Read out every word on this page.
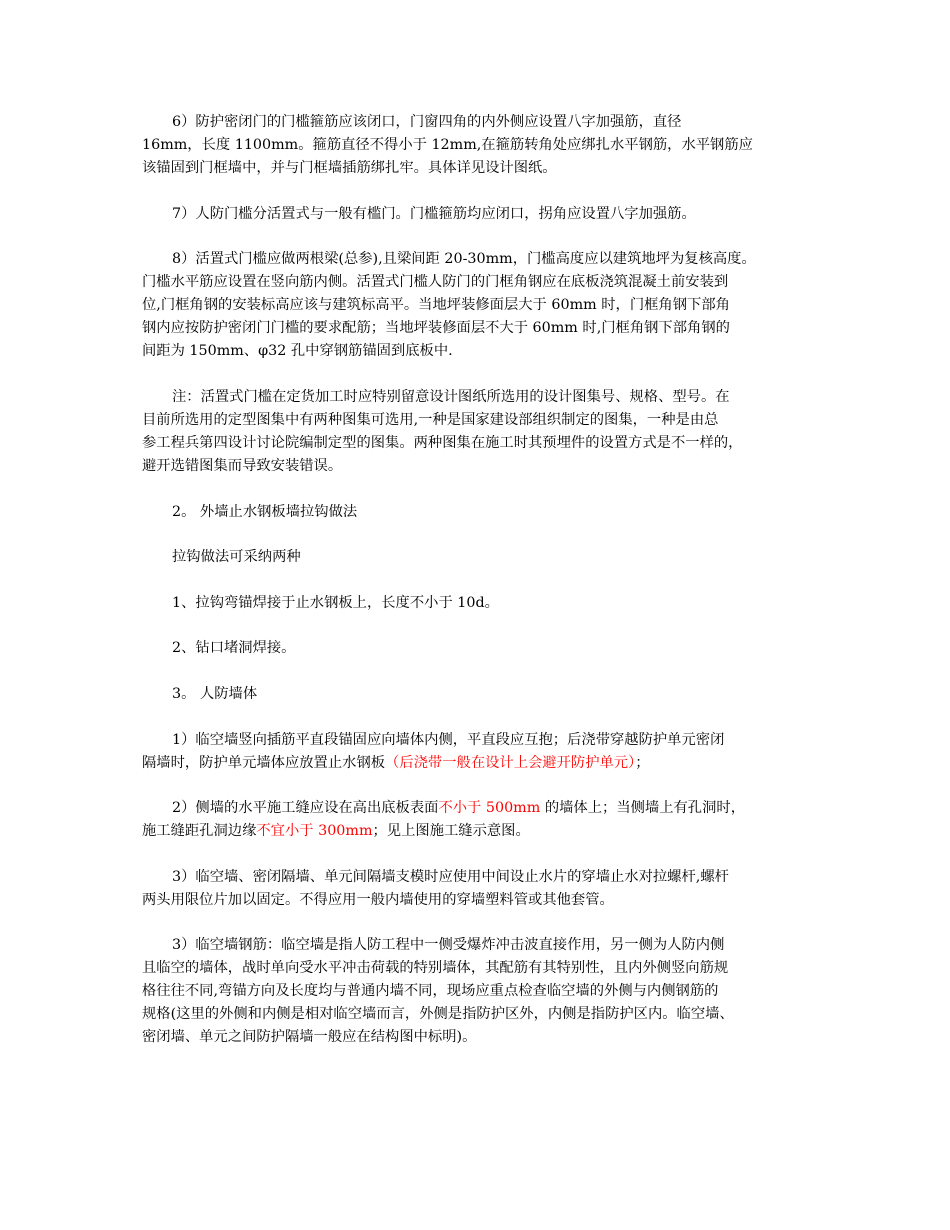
6）防护密闭门的门槛箍筋应该闭口，门窗四角的内外侧应设置八字加强筋，直径
16mm，长度 1100mm。箍筋直径不得小于 12mm,在箍筋转角处应绑扎水平钢筋，水平钢筋应
该锚固到门框墙中，并与门框墙插筋绑扎牢。具体详见设计图纸。
7）人防门槛分活置式与一般有槛门。门槛箍筋均应闭口，拐角应设置八字加强筋。
8）活置式门槛应做两根梁(总参),且梁间距 20-30mm，门槛高度应以建筑地坪为复核高度。
门槛水平筋应设置在竖向筋内侧。活置式门槛人防门的门框角钢应在底板浇筑混凝土前安装到
位,门框角钢的安装标高应该与建筑标高平。当地坪装修面层大于 60mm 时，门框角钢下部角
钢内应按防护密闭门门槛的要求配筋；当地坪装修面层不大于 60mm 时,门框角钢下部角钢的
间距为 150mm、φ32 孔中穿钢筋锚固到底板中.
注：活置式门槛在定货加工时应特别留意设计图纸所选用的设计图集号、规格、型号。在
目前所选用的定型图集中有两种图集可选用,一种是国家建设部组织制定的图集，一种是由总
参工程兵第四设计讨论院编制定型的图集。两种图集在施工时其预埋件的设置方式是不一样的，
避开选错图集而导致安装错误。
2。 外墙止水钢板墙拉钩做法
拉钩做法可采纳两种
1、拉钩弯锚焊接于止水钢板上，长度不小于 10d。
2、钻口堵洞焊接。
3。 人防墙体
1）临空墙竖向插筋平直段锚固应向墙体内侧，平直段应互抱；后浇带穿越防护单元密闭
隔墙时，防护单元墙体应放置止水钢板（后浇带一般在设计上会避开防护单元）；
2）侧墙的水平施工缝应设在高出底板表面不小于 500mm 的墙体上；当侧墙上有孔洞时，
施工缝距孔洞边缘不宜小于 300mm；见上图施工缝示意图。
3）临空墙、密闭隔墙、单元间隔墙支模时应使用中间设止水片的穿墙止水对拉螺杆,螺杆
两头用限位片加以固定。不得应用一般内墙使用的穿墙塑料管或其他套管。
3）临空墙钢筋：临空墙是指人防工程中一侧受爆炸冲击波直接作用，另一侧为人防内侧
且临空的墙体，战时单向受水平冲击荷载的特别墙体，其配筋有其特别性，且内外侧竖向筋规
格往往不同,弯锚方向及长度均与普通内墙不同，现场应重点检查临空墙的外侧与内侧钢筋的
规格(这里的外侧和内侧是相对临空墙而言，外侧是指防护区外，内侧是指防护区内。临空墙、
密闭墙、单元之间防护隔墙一般应在结构图中标明)。
